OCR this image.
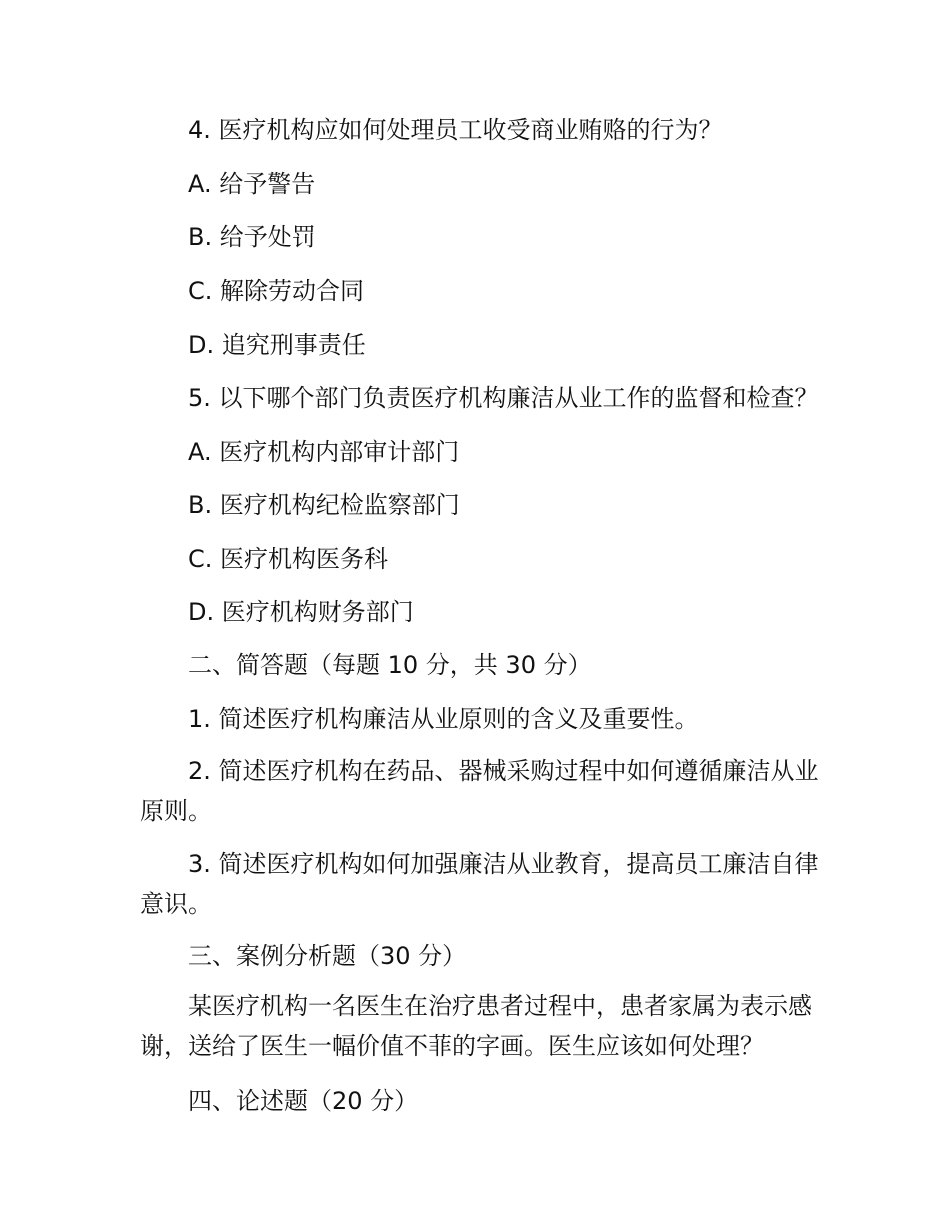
4. 医疗机构应如何处理员工收受商业贿赂的行为？
A. 给予警告
B. 给予处罚
C. 解除劳动合同
D. 追究刑事责任
5. 以下哪个部门负责医疗机构廉洁从业工作的监督和检查？
A. 医疗机构内部审计部门
B. 医疗机构纪检监察部门
C. 医疗机构医务科
D. 医疗机构财务部门
二、简答题（每题 10 分，共 30 分）
1. 简述医疗机构廉洁从业原则的含义及重要性。
2. 简述医疗机构在药品、器械采购过程中如何遵循廉洁从业原则。
3. 简述医疗机构如何加强廉洁从业教育，提高员工廉洁自律意识。
三、案例分析题（30 分）
某医疗机构一名医生在治疗患者过程中，患者家属为表示感谢，送给了医生一幅价值不菲的字画。医生应该如何处理？
四、论述题（20 分）
